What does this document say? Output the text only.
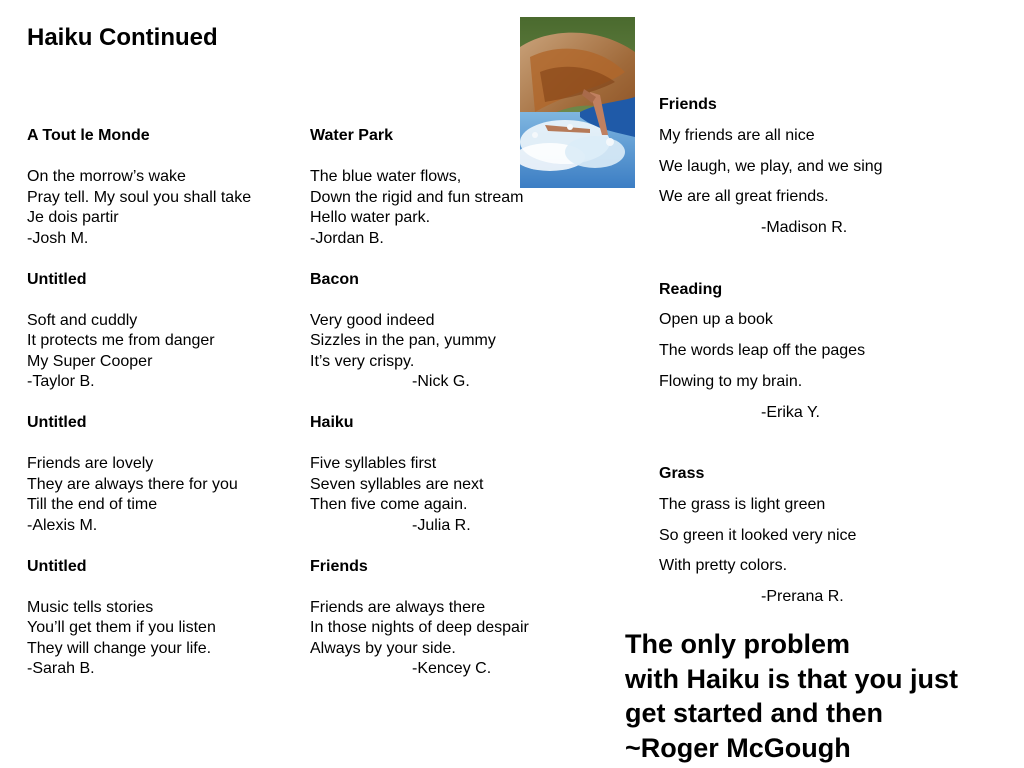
Haiku Continued
A Tout le Monde
On the morrow’s wake
Pray tell. My soul you shall take
Je dois partir
-Josh M.
Untitled
Soft and cuddly
It protects me from danger
My Super Cooper
-Taylor B.
Untitled
Friends are lovely
They are always there for you
Till the end of time
-Alexis M.
Untitled
Music tells stories
You’ll get them if you listen
They will change your life.
-Sarah B.
Water Park
The blue water flows,
Down the rigid and fun stream
Hello water park.
-Jordan B.
Bacon
Very good indeed
Sizzles in the pan, yummy
It’s very crispy.
-Nick G.
Haiku
Five syllables first
Seven syllables are next
Then five come again.
-Julia R.
Friends
Friends are always there
In those nights of deep despair
Always by your side.
-Kencey C.
Friends
My friends are all nice
We laugh, we play, and we sing
We are all great friends.
-Madison R.
Reading
Open up a book
The words leap off the pages
Flowing to my brain.
-Erika Y.
Grass
The grass is light green
So green it looked very nice
With pretty colors.
-Prerana R.
The only problem
with Haiku is that you just
get started and then
~Roger McGough
